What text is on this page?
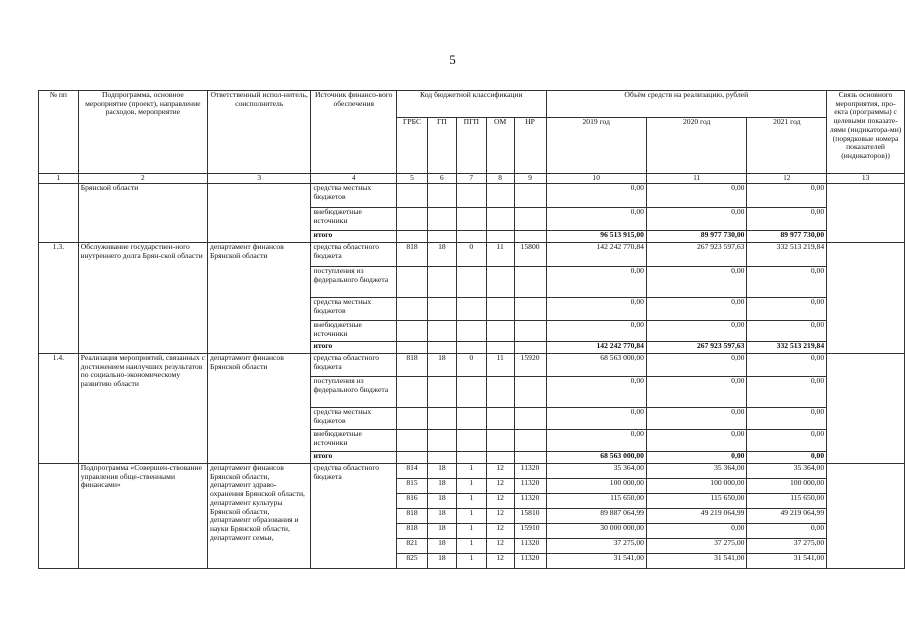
5
№ пп	Подпрограмма, основное мероприятие (проект), направление расходов, мероприятие	Ответственный испол-нитель, соисполнитель	Источник финансо-вого обеспечения	Код бюджетной классификации					Объём средств на реализацию, рублей			Связь основного мероприятия, про-екта (программы) с целевыми показате-лями (индикатора-ми) (порядковые номера показателей (индикаторов))
				ГРБС	ГП	ПГП	ОМ	НР	2019 год	2020 год	2021 год	
1	2	3	4	5	6	7	8	9	10	11	12	13
	Брянской области		средства местных бюджетов						0,00	0,00	0,00	
			внебюджетные источники						0,00	0,00	0,00	
			итого						96 513 915,00	89 977 730,00	89 977 730,00	
1.3.	Обслуживание государствен-ного внутреннего долга Брян-ской области	департамент финансов Брянской области	средства областного бюджета	818	18	0	11	15800	142 242 770,84	267 923 597,63	332 513 219,84	
			поступления из федерального бюджета						0,00	0,00	0,00	
			средства местных бюджетов						0,00	0,00	0,00	
			внебюджетные источники						0,00	0,00	0,00	
			итого						142 242 770,84	267 923 597,63	332 513 219,84	
1.4.	Реализация мероприятий, связанных с достижением наилучших результатов по социально-экономическому развитию области	департамент финансов Брянской области	средства областного бюджета	818	18	0	11	15920	68 563 000,00	0,00	0,00	
			поступления из федерального бюджета						0,00	0,00	0,00	
			средства местных бюджетов						0,00	0,00	0,00	
			внебюджетные источники						0,00	0,00	0,00	
			итого						68 563 000,00	0,00	0,00	
	Подпрограмма «Совершен-ствование управления обще-ственными финансами»	департамент финансов Брянской области, департамент здраво-охранения Брянской области, департамент культуры Брянской области, департамент образования и науки Брянской области, департамент семьи,	средства областного бюджета	814	18	1	12	11320	35 364,00	35 364,00	35 364,00	
				815	18	1	12	11320	100 000,00	100 000,00	100 000,00	
				816	18	1	12	11320	115 650,00	115 650,00	115 650,00	
				818	18	1	12	15810	89 887 064,99	49 219 064,99	49 219 064,99	
				818	18	1	12	15910	30 000 000,00	0,00	0,00	
				821	18	1	12	11320	37 275,00	37 275,00	37 275,00	
				825	18	1	12	11320	31 541,00	31 541,00	31 541,00	
